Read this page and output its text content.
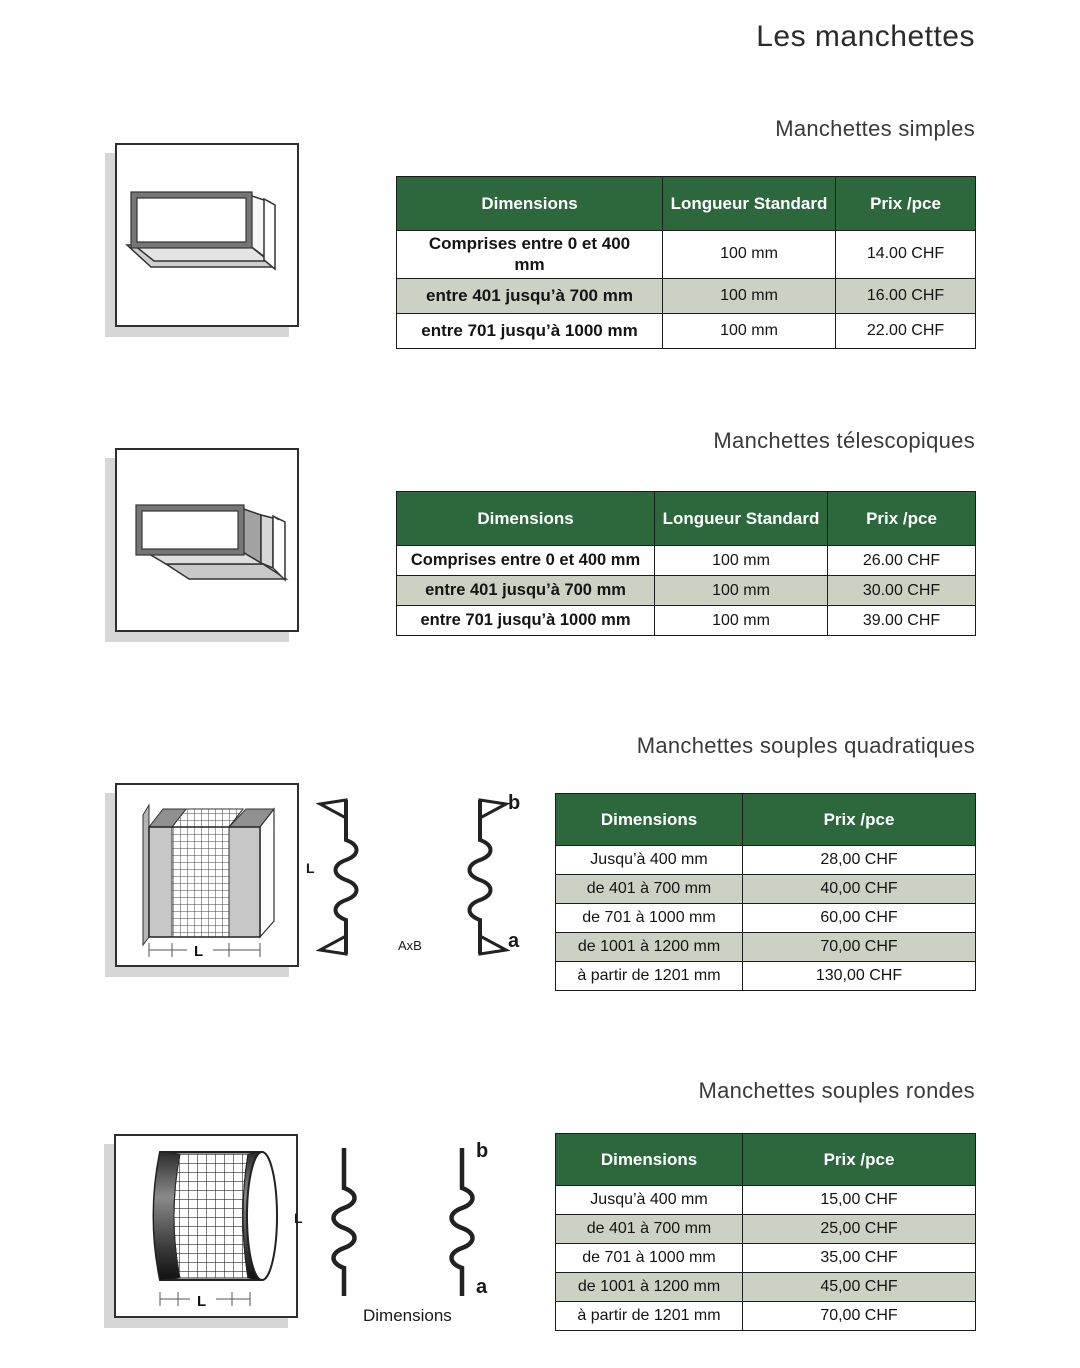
Les manchettes
Manchettes simples
Dimensions	Longueur Standard	Prix /pce
Comprises entre 0 et 400 mm	100 mm	14.00 CHF
entre 401 jusqu’à 700 mm	100 mm	16.00 CHF
entre 701 jusqu’à 1000 mm	100 mm	22.00 CHF
Manchettes télescopiques
Dimensions	Longueur Standard	Prix /pce
Comprises entre 0 et 400 mm	100 mm	26.00 CHF
entre 401 jusqu’à 700 mm	100 mm	30.00 CHF
entre 701 jusqu’à 1000 mm	100 mm	39.00 CHF
Manchettes souples quadratiques
L
L
AxB
b
a
Dimensions	Prix /pce
Jusqu’à 400 mm	28,00 CHF
de 401 à 700 mm	40,00 CHF
de 701 à 1000 mm	60,00 CHF
de 1001 à 1200 mm	70,00 CHF
à partir de 1201 mm	130,00 CHF
Manchettes souples rondes
L
L
b
a
Dimensions
Dimensions	Prix /pce
Jusqu’à 400 mm	15,00 CHF
de 401 à 700 mm	25,00 CHF
de 701 à 1000 mm	35,00 CHF
de 1001 à 1200 mm	45,00 CHF
à partir de 1201 mm	70,00 CHF
